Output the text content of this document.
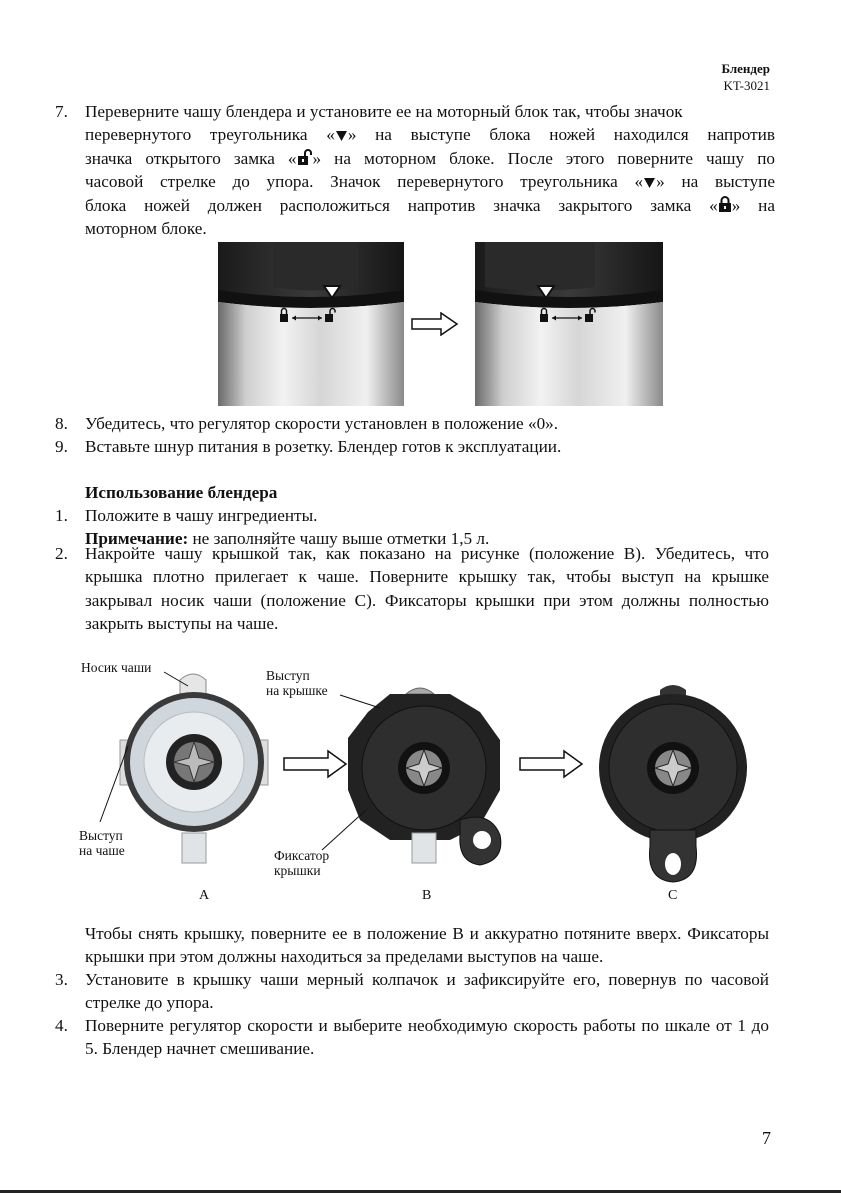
Блендер
KT-3021
7. Переверните чашу блендера и установите ее на моторный блок так, чтобы значок
перевернутого треугольника « » на выступе блока ножей находился напротив
значка открытого замка « » на моторном блоке. После этого поверните чашу по
часовой стрелке до упора. Значок перевернутого треугольника « » на выступе
блока ножей должен расположиться напротив значка закрытого замка « » на
моторном блоке.
8. Убедитесь, что регулятор скорости установлен в положение «0».
9. Вставьте шнур питания в розетку. Блендер готов к эксплуатации.
Использование блендера
1. Положите в чашу ингредиенты.
Примечание: не заполняйте чашу выше отметки 1,5 л.
2. Накройте чашу крышкой так, как показано на рисунке (положение В). Убедитесь, что крышка плотно прилегает к чаше. Поверните крышку так, чтобы выступ на крышке закрывал носик чаши (положение С). Фиксаторы крышки при этом должны полностью закрыть выступы на чаше.
Носик чаши
Выступ
на крышке
Выступ
на чаше	Фиксатор
крышки
А	В	С
Чтобы снять крышку, поверните ее в положение В и аккуратно потяните вверх. Фиксаторы крышки при этом должны находиться за пределами выступов на чаше.
3. Установите в крышку чаши мерный колпачок и зафиксируйте его, повернув по часовой стрелке до упора.
4. Поверните регулятор скорости и выберите необходимую скорость работы по шкале от 1 до 5. Блендер начнет смешивание.
7
